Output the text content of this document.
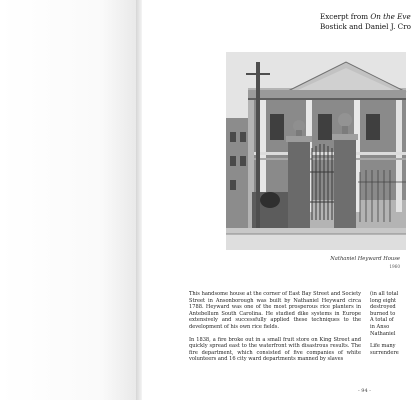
Excerpt from On the Eve
Bostick and Daniel J. Cro
Nathaniel Heyward House
1960

This handsome house at the corner of East Bay Street and Society Street in Ansonborough was built by Nathaniel Heyward circa 1788. Heyward was one of the most prosperous rice planters in Antebellum South Carolina. He studied dike systems in Europe extensively and successfully applied these techniques to the development of his own rice fields.

In 1838, a fire broke out in a small fruit store on King Street and quickly spread east to the waterfront with disastrous results. The fire department, which consisted of five companies of white volunteers and 16 city ward departments manned by slaves

(in all total
long eight
destroyed
burned to
A total of
in Anso
Nathaniel

Life many
surrendere

- 94 -
